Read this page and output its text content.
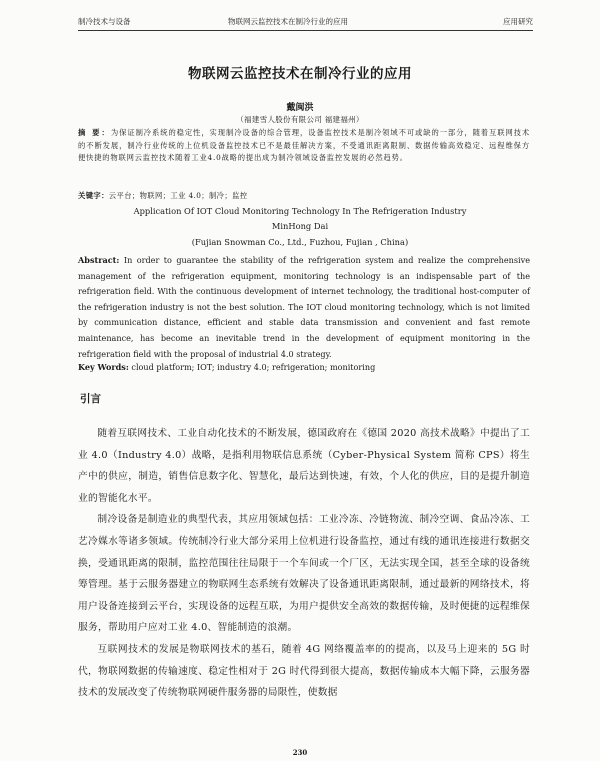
制冷技术与设备	物联网云监控技术在制冷行业的应用	应用研究
物联网云监控技术在制冷行业的应用
戴闽洪
（福建雪人股份有限公司 福建福州）
摘 要：为保证制冷系统的稳定性，实现制冷设备的综合管理，设备监控技术是制冷领域不可或缺的一部分，随着互联网技术的不断发展，制冷行业传统的上位机设备监控技术已不是最佳解决方案，不受通讯距离限制、数据传输高效稳定、远程维保方便快捷的物联网云监控技术随着工业4.0战略的提出成为制冷领域设备监控发展的必然趋势。
关键字：云平台；物联网；工业 4.0；制冷；监控
Application Of IOT Cloud Monitoring Technology In The Refrigeration Industry
MinHong Dai
(Fujian Snowman Co., Ltd., Fuzhou, Fujian , China)
Abstract: In order to guarantee the stability of the refrigeration system and realize the comprehensive management of the refrigeration equipment, monitoring technology is an indispensable part of the refrigeration field. With the continuous development of internet technology, the traditional host-computer of the refrigeration industry is not the best solution. The IOT cloud monitoring technology, which is not limited by communication distance, efficient and stable data transmission and convenient and fast remote maintenance, has become an inevitable trend in the development of equipment monitoring in the refrigeration field with the proposal of industrial 4.0 strategy.
Key Words: cloud platform; IOT; industry 4.0; refrigeration; monitoring
引言

随着互联网技术、工业自动化技术的不断发展，德国政府在《德国 2020 高技术战略》中提出了工业 4.0（Industry 4.0）战略，是指利用物联信息系统（Cyber-Physical System 简称 CPS）将生产中的供应，制造，销售信息数字化、智慧化，最后达到快速，有效，个人化的供应，目的是提升制造业的智能化水平。

制冷设备是制造业的典型代表，其应用领域包括：工业冷冻、冷链物流、制冷空调、食品冷冻、工艺冷媒水等诸多领域。传统制冷行业大部分采用上位机进行设备监控，通过有线的通讯连接进行数据交换，受通讯距离的限制，监控范围往往局限于一个车间或一个厂区，无法实现全国，甚至全球的设备统筹管理。基于云服务器建立的物联网生态系统有效解决了设备通讯距离限制，通过最新的网络技术，将用户设备连接到云平台，实现设备的远程互联，为用户提供安全高效的数据传输，及时便捷的远程维保服务，帮助用户应对工业 4.0、智能制造的浪潮。

互联网技术的发展是物联网技术的基石，随着 4G 网络覆盖率的的提高，以及马上迎来的 5G 时代，物联网数据的传输速度、稳定性相对于 2G 时代得到很大提高，数据传输成本大幅下降，云服务器技术的发展改变了传统物联网硬件服务器的局限性，使数据

230
